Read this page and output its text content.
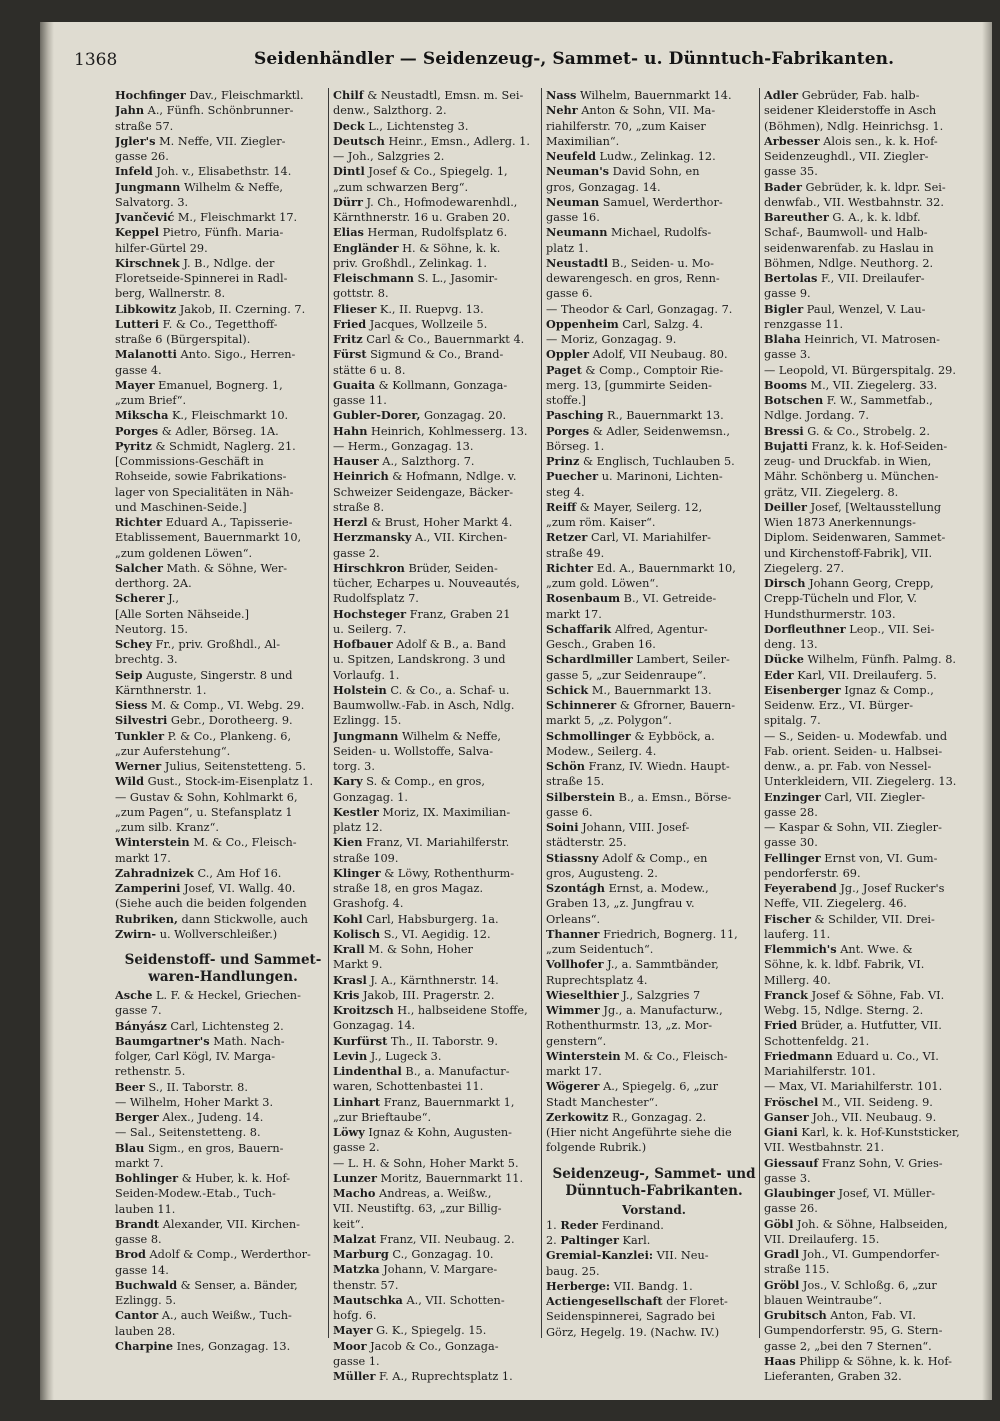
1368	Seidenhändler — Seidenzeug-, Sammet- u. Dünntuch-Fabrikanten.
Hochfinger Dav., Fleischmarktl.
Jahn A., Fünfh. Schönbrunner-
straße 57.
Jgler's M. Neffe, VII. Ziegler-
gasse 26.
Infeld Joh. v., Elisabethstr. 14.
Jungmann Wilhelm & Neffe,
Salvatorg. 3.
Jvančević M., Fleischmarkt 17.
Keppel Pietro, Fünfh. Maria-
hilfer-Gürtel 29.
Kirschnek J. B., Ndlge. der
Floretseide-Spinnerei in Radl-
berg, Wallnerstr. 8.
Libkowitz Jakob, II. Czerning. 7.
Lutteri F. & Co., Tegetthoff-
straße 6 (Bürgerspital).
Malanotti Anto. Sigo., Herren-
gasse 4.
Mayer Emanuel, Bognerg. 1,
„zum Brief“.
Mikscha K., Fleischmarkt 10.
Porges & Adler, Börseg. 1A.
Pyritz & Schmidt, Naglerg. 21.
[Commissions-Geschäft in
Rohseide, sowie Fabrikations-
lager von Specialitäten in Näh-
und Maschinen-Seide.]
Richter Eduard A., Tapisserie-
Etablissement, Bauernmarkt 10,
„zum goldenen Löwen“.
Salcher Math. & Söhne, Wer-
derthorg. 2A.
Scherer J.,
[Alle Sorten Nähseide.]
Neutorg. 15.
Schey Fr., priv. Großhdl., Al-
brechtg. 3.
Seip Auguste, Singerstr. 8 und
Kärnthnerstr. 1.
Siess M. & Comp., VI. Webg. 29.
Silvestri Gebr., Dorotheerg. 9.
Tunkler P. & Co., Plankeng. 6,
„zur Auferstehung“.
Werner Julius, Seitenstetteng. 5.
Wild Gust., Stock-im-Eisenplatz 1.
— Gustav & Sohn, Kohlmarkt 6,
„zum Pagen“, u. Stefansplatz 1
„zum silb. Kranz“.
Winterstein M. & Co., Fleisch-
markt 17.
Zahradnizek C., Am Hof 16.
Zamperini Josef, VI. Wallg. 40.
(Siehe auch die beiden folgenden
Rubriken, dann Stickwolle, auch
Zwirn- u. Wollverschleißer.)
Seidenstoff- und Sammet-waren-Handlungen.
Asche L. F. & Heckel, Griechen-
gasse 7.
Bányász Carl, Lichtensteg 2.
Baumgartner's Math. Nach-
folger, Carl Kögl, IV. Marga-
rethenstr. 5.
Beer S., II. Taborstr. 8.
— Wilhelm, Hoher Markt 3.
Berger Alex., Judeng. 14.
— Sal., Seitenstetteng. 8.
Blau Sigm., en gros, Bauern-
markt 7.
Bohlinger & Huber, k. k. Hof-
Seiden-Modew.-Etab., Tuch-
lauben 11.
Brandt Alexander, VII. Kirchen-
gasse 8.
Brod Adolf & Comp., Werderthor-
gasse 14.
Buchwald & Senser, a. Bänder,
Ezlingg. 5.
Cantor A., auch Weißw., Tuch-
lauben 28.
Charpine Ines, Gonzagag. 13.
Chilf & Neustadtl, Emsn. m. Sei-
denw., Salzthorg. 2.
Deck L., Lichtensteg 3.
Deutsch Heinr., Emsn., Adlerg. 1.
— Joh., Salzgries 2.
Dintl Josef & Co., Spiegelg. 1,
„zum schwarzen Berg“.
Dürr J. Ch., Hofmodewarenhdl.,
Kärnthnerstr. 16 u. Graben 20.
Elias Herman, Rudolfsplatz 6.
Engländer H. & Söhne, k. k.
priv. Großhdl., Zelinkag. 1.
Fleischmann S. L., Jasomir-
gottstr. 8.
Flieser K., II. Ruepvg. 13.
Fried Jacques, Wollzeile 5.
Fritz Carl & Co., Bauernmarkt 4.
Fürst Sigmund & Co., Brand-
stätte 6 u. 8.
Guaita & Kollmann, Gonzaga-
gasse 11.
Gubler-Dorer, Gonzagag. 20.
Hahn Heinrich, Kohlmesserg. 13.
— Herm., Gonzagag. 13.
Hauser A., Salzthorg. 7.
Heinrich & Hofmann, Ndlge. v.
Schweizer Seidengaze, Bäcker-
straße 8.
Herzl & Brust, Hoher Markt 4.
Herzmansky A., VII. Kirchen-
gasse 2.
Hirschkron Brüder, Seiden-
tücher, Echarpes u. Nouveautés,
Rudolfsplatz 7.
Hochsteger Franz, Graben 21
u. Seilerg. 7.
Hofbauer Adolf & B., a. Band
u. Spitzen, Landskrong. 3 und
Vorlaufg. 1.
Holstein C. & Co., a. Schaf- u.
Baumwollw.-Fab. in Asch, Ndlg.
Ezlingg. 15.
Jungmann Wilhelm & Neffe,
Seiden- u. Wollstoffe, Salva-
torg. 3.
Kary S. & Comp., en gros,
Gonzagag. 1.
Kestler Moriz, IX. Maximilian-
platz 12.
Kien Franz, VI. Mariahilferstr.
straße 109.
Klinger & Löwy, Rothenthurm-
straße 18, en gros Magaz.
Grashofg. 4.
Kohl Carl, Habsburgerg. 1a.
Kolisch S., VI. Aegidig. 12.
Krall M. & Sohn, Hoher
Markt 9.
Krasl J. A., Kärnthnerstr. 14.
Kris Jakob, III. Pragerstr. 2.
Kroitzsch H., halbseidene Stoffe,
Gonzagag. 14.
Kurfürst Th., II. Taborstr. 9.
Levin J., Lugeck 3.
Lindenthal B., a. Manufactur-
waren, Schottenbastei 11.
Linhart Franz, Bauernmarkt 1,
„zur Brieftaube“.
Löwy Ignaz & Kohn, Augusten-
gasse 2.
— L. H. & Sohn, Hoher Markt 5.
Lunzer Moritz, Bauernmarkt 11.
Macho Andreas, a. Weißw.,
VII. Neustiftg. 63, „zur Billig-
keit“.
Malzat Franz, VII. Neubaug. 2.
Marburg C., Gonzagag. 10.
Matzka Johann, V. Margare-
thenstr. 57.
Mautschka A., VII. Schotten-
hofg. 6.
Mayer G. K., Spiegelg. 15.
Moor Jacob & Co., Gonzaga-
gasse 1.
Müller F. A., Ruprechtsplatz 1.
Nass Wilhelm, Bauernmarkt 14.
Nehr Anton & Sohn, VII. Ma-
riahilferstr. 70, „zum Kaiser
Maximilian“.
Neufeld Ludw., Zelinkag. 12.
Neuman's David Sohn, en
gros, Gonzagag. 14.
Neuman Samuel, Werderthor-
gasse 16.
Neumann Michael, Rudolfs-
platz 1.
Neustadtl B., Seiden- u. Mo-
dewarengesch. en gros, Renn-
gasse 6.
— Theodor & Carl, Gonzagag. 7.
Oppenheim Carl, Salzg. 4.
— Moriz, Gonzagag. 9.
Oppler Adolf, VII Neubaug. 80.
Paget & Comp., Comptoir Rie-
merg. 13, [gummirte Seiden-
stoffe.]
Pasching R., Bauernmarkt 13.
Porges & Adler, Seidenwemsn.,
Börseg. 1.
Prinz & Englisch, Tuchlauben 5.
Puecher u. Marinoni, Lichten-
steg 4.
Reiff & Mayer, Seilerg. 12,
„zum röm. Kaiser“.
Retzer Carl, VI. Mariahilfer-
straße 49.
Richter Ed. A., Bauernmarkt 10,
„zum gold. Löwen“.
Rosenbaum B., VI. Getreide-
markt 17.
Schaffarik Alfred, Agentur-
Gesch., Graben 16.
Schardlmiller Lambert, Seiler-
gasse 5, „zur Seidenraupe“.
Schick M., Bauernmarkt 13.
Schinnerer & Gfrorner, Bauern-
markt 5, „z. Polygon“.
Schmollinger & Eybböck, a.
Modew., Seilerg. 4.
Schön Franz, IV. Wiedn. Haupt-
straße 15.
Silberstein B., a. Emsn., Börse-
gasse 6.
Soini Johann, VIII. Josef-
städterstr. 25.
Stiassny Adolf & Comp., en
gros, Augusteng. 2.
Szontágh Ernst, a. Modew.,
Graben 13, „z. Jungfrau v.
Orleans“.
Thanner Friedrich, Bognerg. 11,
„zum Seidentuch“.
Vollhofer J., a. Sammtbänder,
Ruprechtsplatz 4.
Wieselthier J., Salzgries 7
Wimmer Jg., a. Manufacturw.,
Rothenthurmstr. 13, „z. Mor-
genstern“.
Winterstein M. & Co., Fleisch-
markt 17.
Wögerer A., Spiegelg. 6, „zur
Stadt Manchester“.
Zerkowitz R., Gonzagag. 2.
(Hier nicht Angeführte siehe die
folgende Rubrik.)
Seidenzeug-, Sammet- und Dünntuch-Fabrikanten.
Vorstand.
1. Reder Ferdinand.
2. Paltinger Karl.
Gremial-Kanzlei: VII. Neu-
baug. 25.
Herberge: VII. Bandg. 1.
Actiengesellschaft der Floret-
Seidenspinnerei, Sagrado bei
Görz, Hegelg. 19. (Nachw. IV.)
Adler Gebrüder, Fab. halb-
seidener Kleiderstoffe in Asch
(Böhmen), Ndlg. Heinrichsg. 1.
Arbesser Alois sen., k. k. Hof-
Seidenzeughdl., VII. Ziegler-
gasse 35.
Bader Gebrüder, k. k. ldpr. Sei-
denwfab., VII. Westbahnstr. 32.
Bareuther G. A., k. k. ldbf.
Schaf-, Baumwoll- und Halb-
seidenwarenfab. zu Haslau in
Böhmen, Ndlge. Neuthorg. 2.
Bertolas F., VII. Dreilaufer-
gasse 9.
Bigler Paul, Wenzel, V. Lau-
renzgasse 11.
Blaha Heinrich, VI. Matrosen-
gasse 3.
— Leopold, VI. Bürgerspitalg. 29.
Booms M., VII. Ziegelerg. 33.
Botschen F. W., Sammetfab.,
Ndlge. Jordang. 7.
Bressi G. & Co., Strobelg. 2.
Bujatti Franz, k. k. Hof-Seiden-
zeug- und Druckfab. in Wien,
Mähr. Schönberg u. München-
grätz, VII. Ziegelerg. 8.
Deiller Josef, [Weltausstellung
Wien 1873 Anerkennungs-
Diplom. Seidenwaren, Sammet-
und Kirchenstoff-Fabrik], VII.
Ziegelerg. 27.
Dirsch Johann Georg, Crepp,
Crepp-Tücheln und Flor, V.
Hundsthurmerstr. 103.
Dorfleuthner Leop., VII. Sei-
deng. 13.
Dücke Wilhelm, Fünfh. Palmg. 8.
Eder Karl, VII. Dreilauferg. 5.
Eisenberger Ignaz & Comp.,
Seidenw. Erz., VI. Bürger-
spitalg. 7.
— S., Seiden- u. Modewfab. und
Fab. orient. Seiden- u. Halbsei-
denw., a. pr. Fab. von Nessel-
Unterkleidern, VII. Ziegelerg. 13.
Enzinger Carl, VII. Ziegler-
gasse 28.
— Kaspar & Sohn, VII. Ziegler-
gasse 30.
Fellinger Ernst von, VI. Gum-
pendorferstr. 69.
Feyerabend Jg., Josef Rucker's
Neffe, VII. Ziegelerg. 46.
Fischer & Schilder, VII. Drei-
lauferg. 11.
Flemmich's Ant. Wwe. &
Söhne, k. k. ldbf. Fabrik, VI.
Millerg. 40.
Franck Josef & Söhne, Fab. VI.
Webg. 15, Ndlge. Sterng. 2.
Fried Brüder, a. Hutfutter, VII.
Schottenfeldg. 21.
Friedmann Eduard u. Co., VI.
Mariahilferstr. 101.
— Max, VI. Mariahilferstr. 101.
Fröschel M., VII. Seideng. 9.
Ganser Joh., VII. Neubaug. 9.
Giani Karl, k. k. Hof-Kunststicker,
VII. Westbahnstr. 21.
Giessauf Franz Sohn, V. Gries-
gasse 3.
Glaubinger Josef, VI. Müller-
gasse 26.
Göbl Joh. & Söhne, Halbseiden,
VII. Dreilauferg. 15.
Gradl Joh., VI. Gumpendorfer-
straße 115.
Gröbl Jos., V. Schloßg. 6, „zur
blauen Weintraube“.
Grubitsch Anton, Fab. VI.
Gumpendorferstr. 95, G. Stern-
gasse 2, „bei den 7 Sternen“.
Haas Philipp & Söhne, k. k. Hof-
Lieferanten, Graben 32.
